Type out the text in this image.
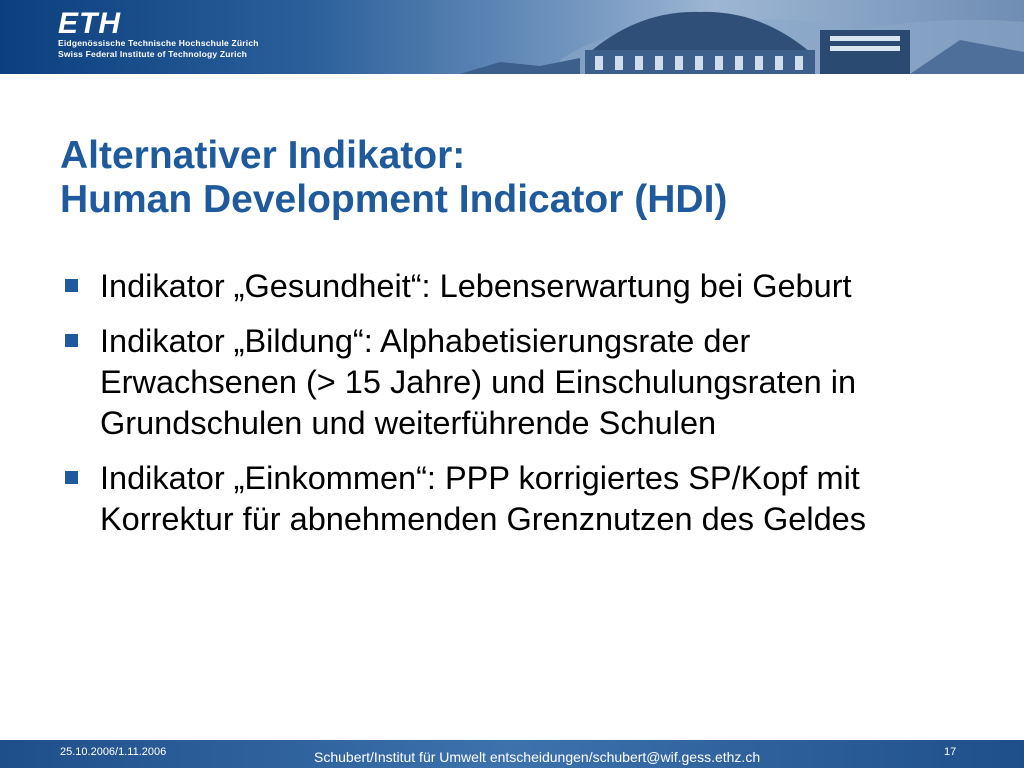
ETH
Eidgenössische Technische Hochschule Zürich
Swiss Federal Institute of Technology Zurich
Alternativer Indikator:
Human Development Indicator (HDI)
Indikator „Gesundheit“: Lebenserwartung bei Geburt
Indikator „Bildung“: Alphabetisierungsrate der Erwachsenen (> 15 Jahre) und Einschulungsraten in Grundschulen und weiterführende Schulen
Indikator „Einkommen“: PPP korrigiertes SP/Kopf mit Korrektur für abnehmenden Grenznutzen des Geldes
25.10.2006/1.11.2006	Schubert/Institut für Umwelt entscheidungen/schubert@wif.gess.ethz.ch	17
